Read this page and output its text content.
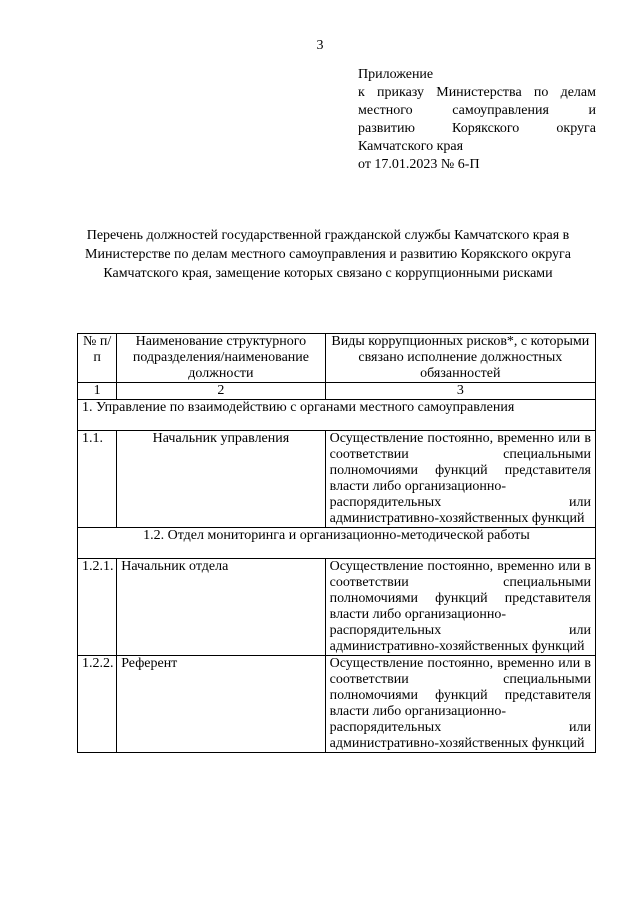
3
Приложение
к приказу Министерства по делам
местного самоуправления и
развитию Корякского округа
Камчатского края
от 17.01.2023 № 6-П
Перечень должностей государственной гражданской службы Камчатского края в Министерстве по делам местного самоуправления и развитию Корякского округа Камчатского края, замещение которых связано с коррупционными рисками
№ п/п	Наименование структурного подразделения/наименование должности	Виды коррупционных рисков*, с которыми связано исполнение должностных обязанностей
1	2	3
1. Управление по взаимодействию с органами местного самоуправления		
1.1.	Начальник управления	Осуществление постоянно, временно или в соответствии специальными полномочиями функций представителя власти либо организационно-
распорядительных или
административно-хозяйственных функций

1.2. Отдел мониторинга и организационно-методической работы		
1.2.1.	Начальник отдела	Осуществление постоянно, временно или в соответствии специальными полномочиями функций представителя власти либо организационно-
распорядительных или
административно-хозяйственных функций

1.2.2.	Референт	Осуществление постоянно, временно или в соответствии специальными полномочиями функций представителя власти либо организационно-
распорядительных или
административно-хозяйственных функций
